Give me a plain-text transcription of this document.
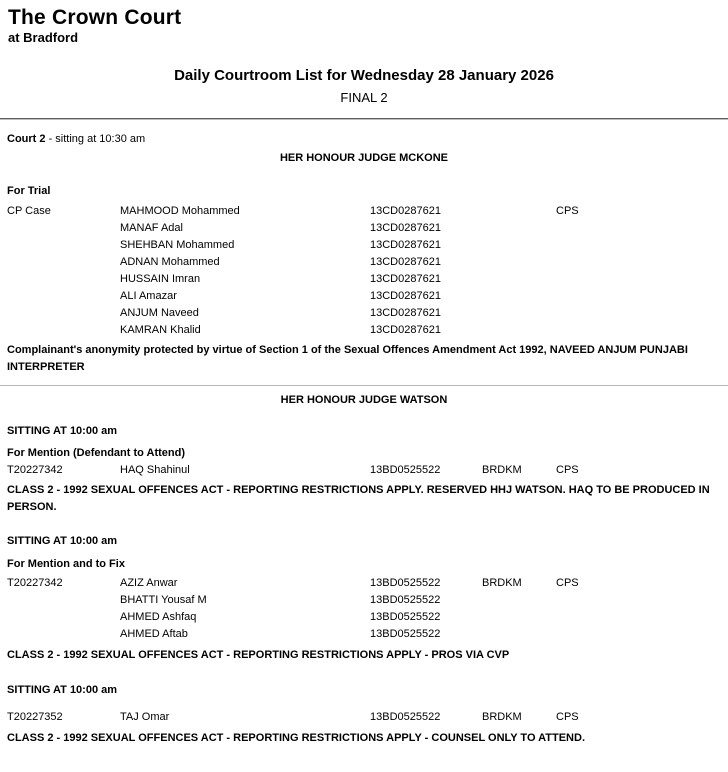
The Crown Court
at Bradford
Daily Courtroom List for Wednesday 28 January 2026
FINAL 2
Court 2 - sitting at 10:30 am
HER HONOUR JUDGE MCKONE
For Trial
CP Case	MAHMOOD Mohammed	13CD0287621	CPS
MANAF Adal	13CD0287621
SHEHBAN Mohammed	13CD0287621
ADNAN Mohammed	13CD0287621
HUSSAIN Imran	13CD0287621
ALI Amazar	13CD0287621
ANJUM Naveed	13CD0287621
KAMRAN Khalid	13CD0287621
Complainant's anonymity protected by virtue of Section 1 of the Sexual Offences Amendment Act 1992, NAVEED ANJUM PUNJABI INTERPRETER
HER HONOUR JUDGE WATSON
SITTING AT 10:00 am
For Mention (Defendant to Attend)
T20227342	HAQ Shahinul	13BD0525522	BRDKM	CPS
CLASS 2 - 1992 SEXUAL OFFENCES ACT - REPORTING RESTRICTIONS APPLY. RESERVED HHJ WATSON. HAQ TO BE PRODUCED IN PERSON.
SITTING AT 10:00 am
For Mention and to Fix
T20227342	AZIZ Anwar	13BD0525522	BRDKM	CPS
BHATTI Yousaf M	13BD0525522
AHMED Ashfaq	13BD0525522
AHMED Aftab	13BD0525522
CLASS 2 - 1992 SEXUAL OFFENCES ACT - REPORTING RESTRICTIONS APPLY - PROS VIA CVP
SITTING AT 10:00 am
T20227352	TAJ Omar	13BD0525522	BRDKM	CPS
CLASS 2 - 1992 SEXUAL OFFENCES ACT - REPORTING RESTRICTIONS APPLY - COUNSEL ONLY TO ATTEND.
